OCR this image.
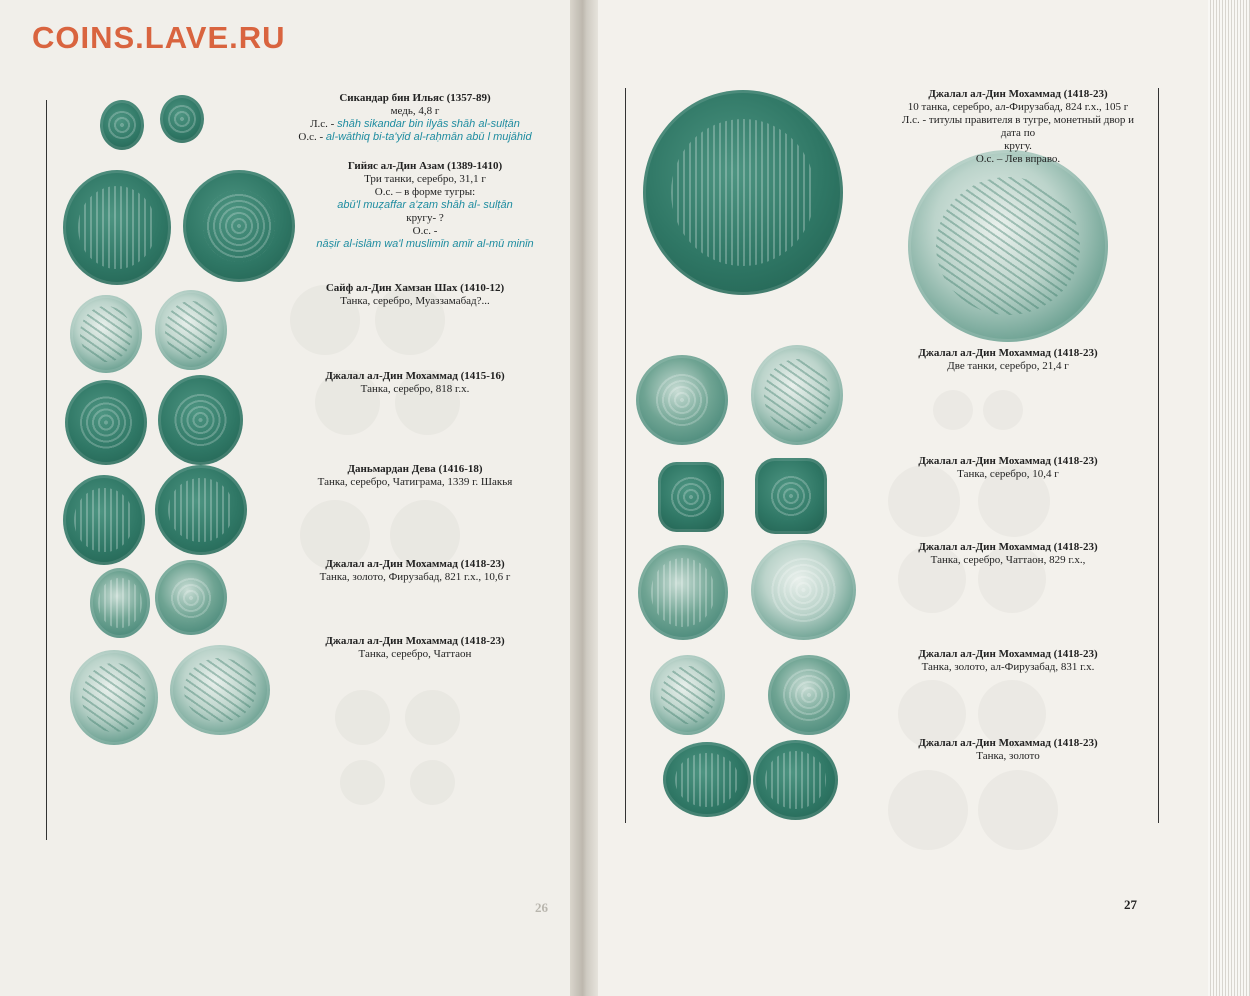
COINS.LAVE.RU
Сикандар бин Ильяс (1357-89)
медь, 4,8 г
Л.с. - shāh sikandar bin ilyās shāh al-sulṭān
О.с. - al-wāthiq bi-ta'yīd al-raḥmān abū l mujāhid
Гийяс ал-Дин Азам (1389-1410)
Три танки, серебро, 31,1 г
О.с. – в форме тугры:
abū'l muẓaffar a'ẓam shāh al- sulṭān
кругу- ?
О.с. -
nāṣir al-islām wa'l muslimīn amīr al-mū minīn
Сайф ал-Дин Хамзан Шах (1410-12)
Танка, серебро, Муаззамабад?...
Джалал ал-Дин Мохаммад (1415-16)
Танка, серебро, 818 г.х.
Даньмардан Дева (1416-18)
Танка, серебро, Чатиграма, 1339 г. Шакья
Джалал ал-Дин Мохаммад (1418-23)
Танка, золото, Фирузабад, 821 г.х., 10,6 г
Джалал ал-Дин Мохаммад (1418-23)
Танка, серебро, Чаттаон
26
Джалал ал-Дин Мохаммад (1418-23)
10 танка, серебро, ал-Фирузабад, 824 г.х., 105 г
Л.с. - титулы правителя в тугре, монетный двор и дата по
кругу.
О.с. – Лев вправо.
Джалал ал-Дин Мохаммад (1418-23)
Две танки, серебро, 21,4 г
Джалал ал-Дин Мохаммад (1418-23)
Танка, серебро, 10,4 г
Джалал ал-Дин Мохаммад (1418-23)
Танка, серебро, Чаттаон, 829 г.х.,
Джалал ал-Дин Мохаммад (1418-23)
Танка, золото, ал-Фирузабад, 831 г.х.
Джалал ал-Дин Мохаммад (1418-23)
Танка, золото
27
